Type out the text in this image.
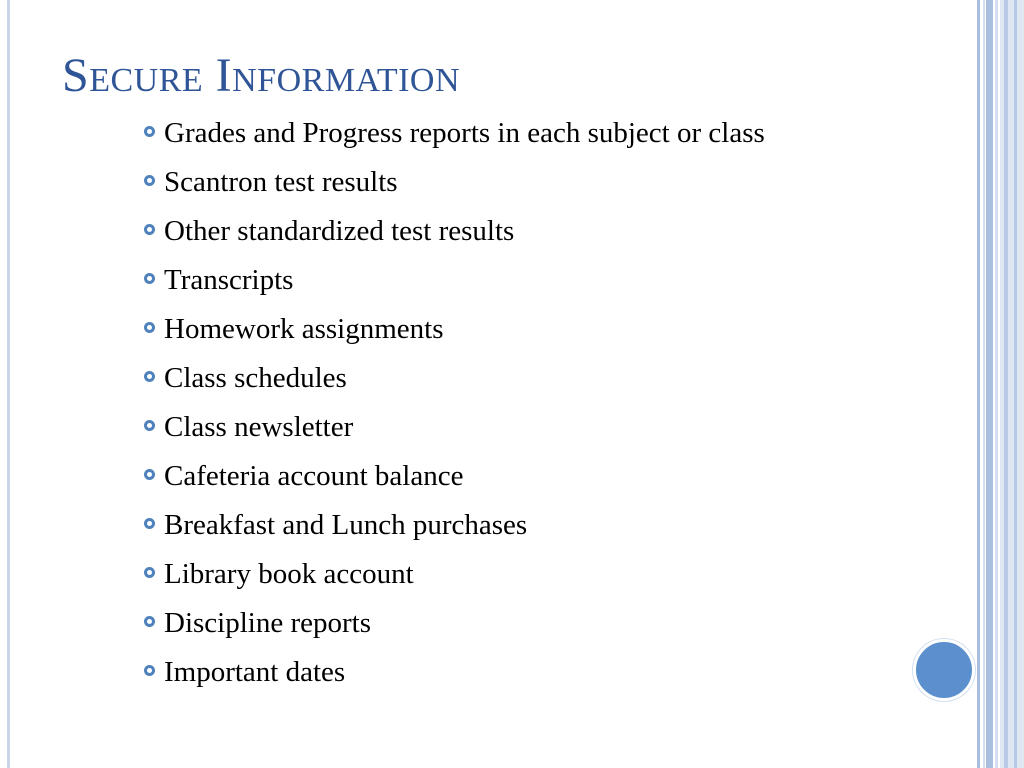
Secure Information
Grades and Progress reports in each subject or class
Scantron test results
Other standardized test results
Transcripts
Homework assignments
Class schedules
Class newsletter
Cafeteria account balance
Breakfast and Lunch purchases
Library book account
Discipline reports
Important dates
